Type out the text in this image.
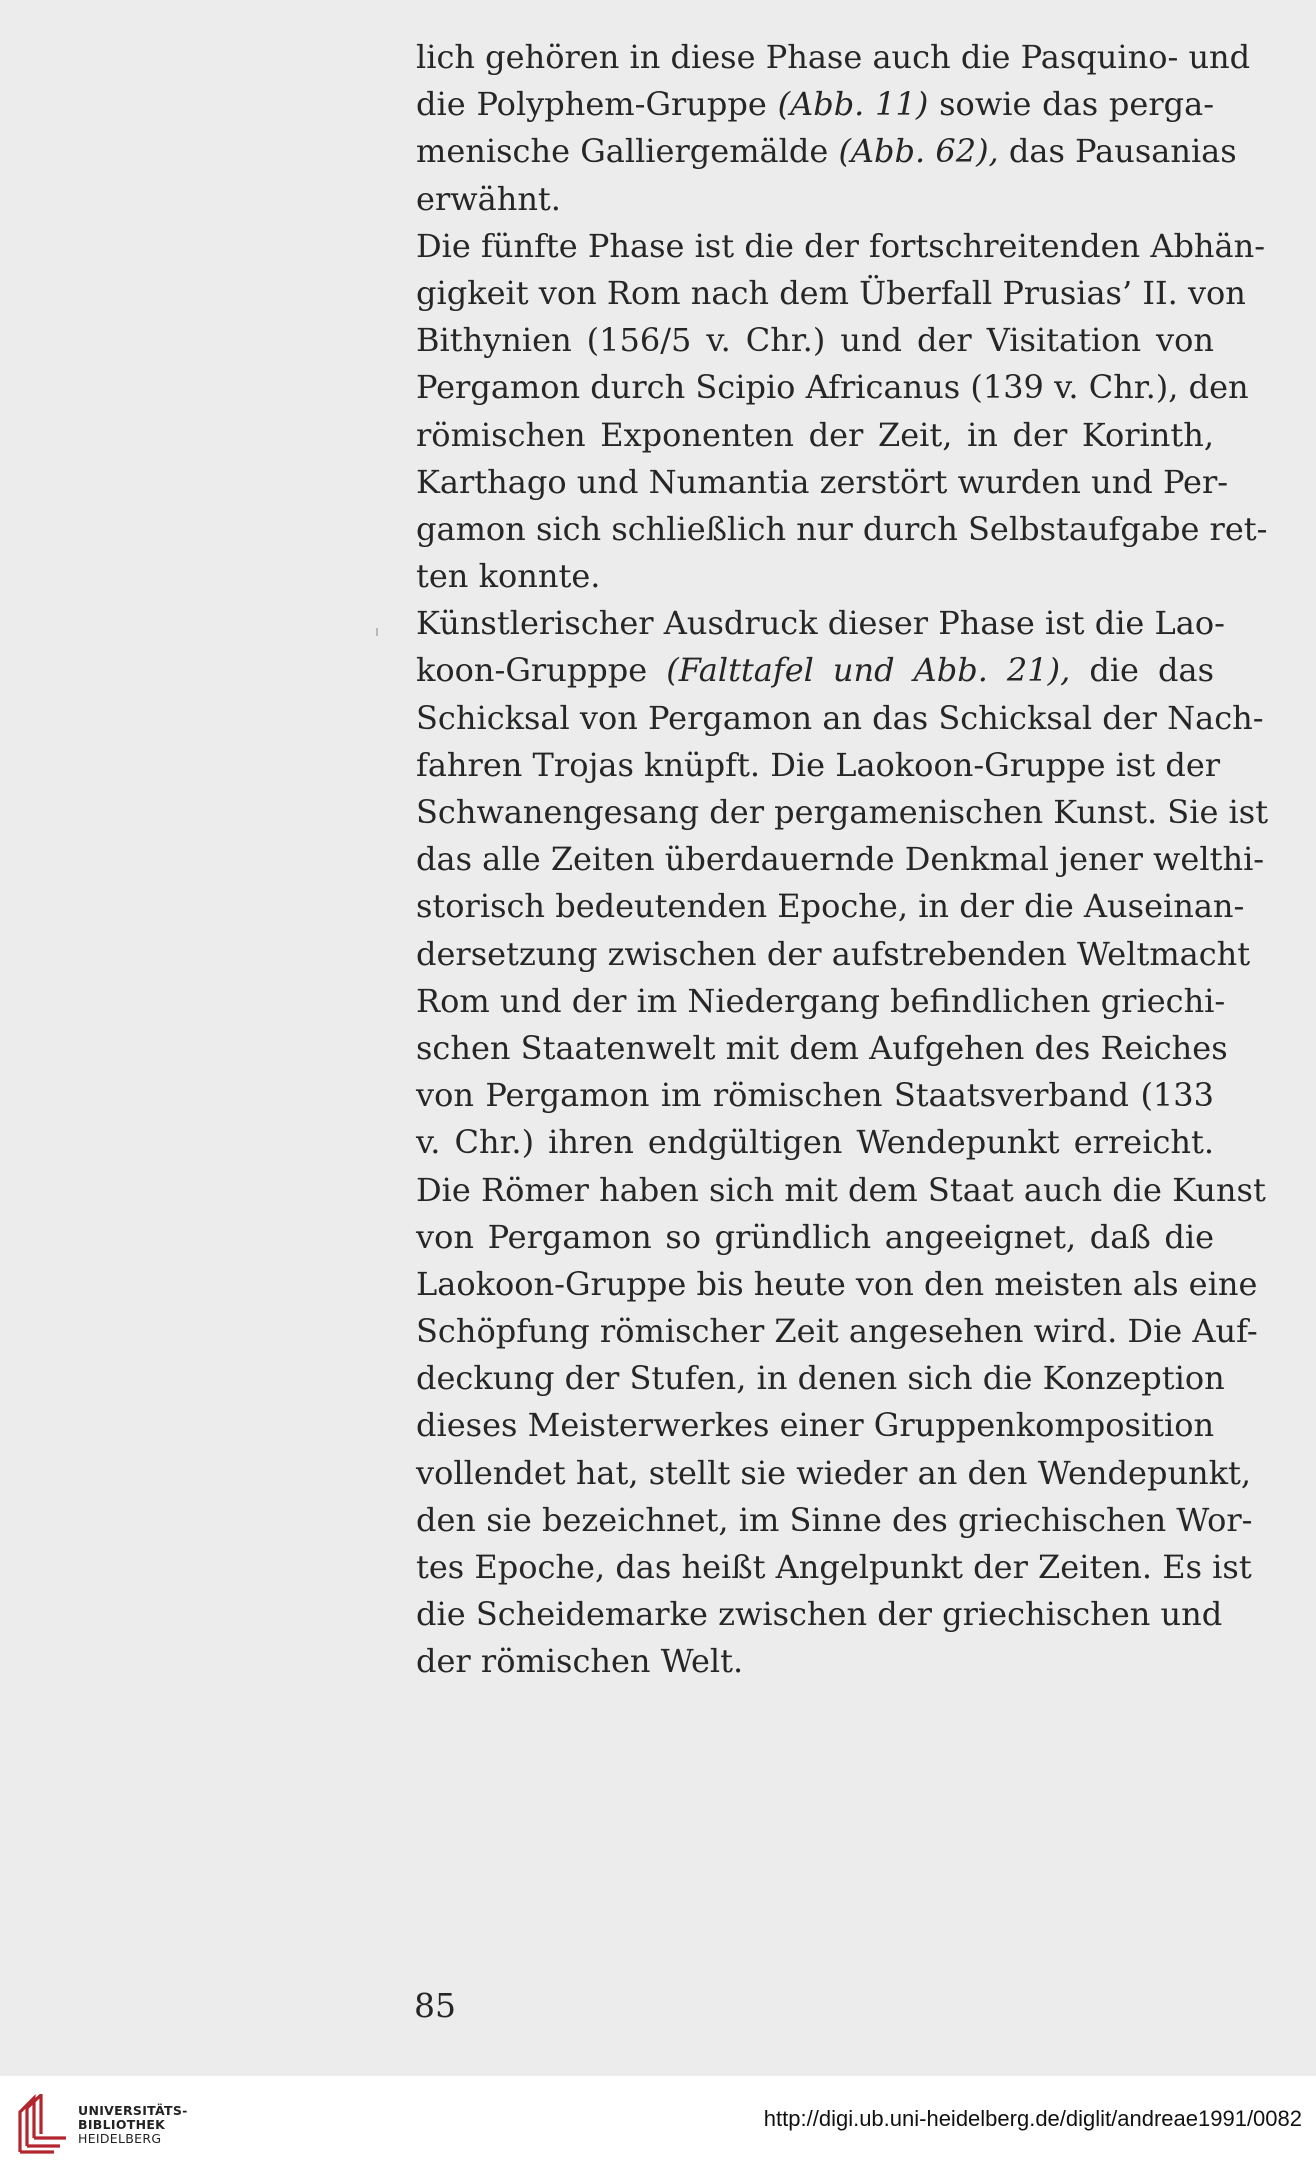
lich gehören in diese Phase auch die Pasquino- und
die Polyphem-Gruppe (Abb. 11) sowie das perga-
menische Galliergemälde (Abb. 62), das Pausanias
erwähnt.
Die fünfte Phase ist die der fortschreitenden Abhän-
gigkeit von Rom nach dem Überfall Prusias’ II. von
Bithynien (156/5 v. Chr.) und der Visitation von
Pergamon durch Scipio Africanus (139 v. Chr.), den
römischen Exponenten der Zeit, in der Korinth,
Karthago und Numantia zerstört wurden und Per-
gamon sich schließlich nur durch Selbstaufgabe ret-
ten konnte.
Künstlerischer Ausdruck dieser Phase ist die Lao-
koon-Grupppe (Falttafel und Abb. 21), die das
Schicksal von Pergamon an das Schicksal der Nach-
fahren Trojas knüpft. Die Laokoon-Gruppe ist der
Schwanengesang der pergamenischen Kunst. Sie ist
das alle Zeiten überdauernde Denkmal jener welthi-
storisch bedeutenden Epoche, in der die Auseinan-
dersetzung zwischen der aufstrebenden Weltmacht
Rom und der im Niedergang befindlichen griechi-
schen Staatenwelt mit dem Aufgehen des Reiches
von Pergamon im römischen Staatsverband (133
v. Chr.) ihren endgültigen Wendepunkt erreicht.
Die Römer haben sich mit dem Staat auch die Kunst
von Pergamon so gründlich angeeignet, daß die
Laokoon-Gruppe bis heute von den meisten als eine
Schöpfung römischer Zeit angesehen wird. Die Auf-
deckung der Stufen, in denen sich die Konzeption
dieses Meisterwerkes einer Gruppenkomposition
vollendet hat, stellt sie wieder an den Wendepunkt,
den sie bezeichnet, im Sinne des griechischen Wor-
tes Epoche, das heißt Angelpunkt der Zeiten. Es ist
die Scheidemarke zwischen der griechischen und
der römischen Welt.
85
UNIVERSITÄTS-
BIBLIOTHEK
HEIDELBERG
http://digi.ub.uni-heidelberg.de/diglit/andreae1991/0082
